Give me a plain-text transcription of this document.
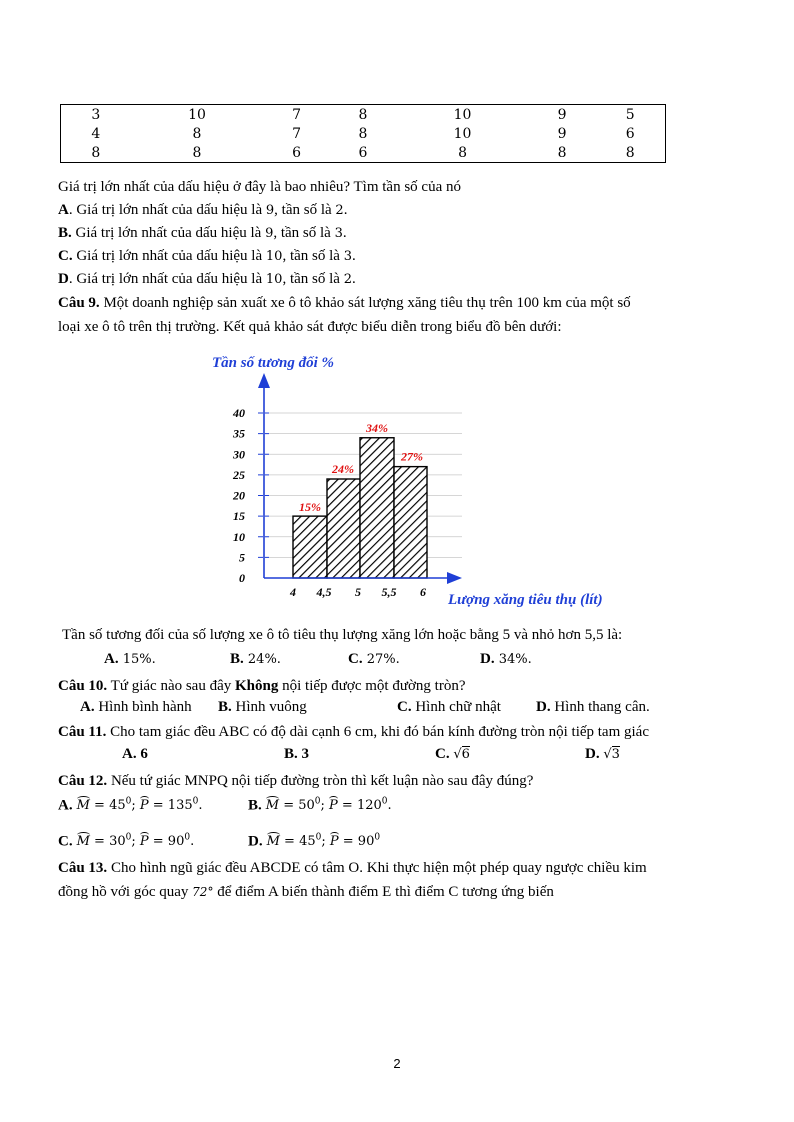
3	10	7	8	10	9	5
4	8	7	8	10	9	6
8	8	6	6	8	8	8
Giá trị lớn nhất của dấu hiệu ở đây là bao nhiêu? Tìm tần số của nó
A. Giá trị lớn nhất của dấu hiệu là 9, tần số là 2.
B. Giá trị lớn nhất của dấu hiệu là 9, tần số là 3.
C. Giá trị lớn nhất của dấu hiệu là 10, tần số là 3.
D. Giá trị lớn nhất của dấu hiệu là 10, tần số là 2.
Câu 9. Một doanh nghiệp sản xuất xe ô tô khảo sát lượng xăng tiêu thụ trên 100 km của một số
loại xe ô tô trên thị trường. Kết quả khảo sát được biểu diễn trong biểu đồ bên dưới:
0
5
10
15
20
25
30
35
40
15%
24%
34%
27%
4 4,5 5 5,5 6
Tần số tương đối %
Lượng xăng tiêu thụ (lít)
Tần số tương đối của số lượng xe ô tô tiêu thụ lượng xăng lớn hoặc bằng 5 và nhỏ hơn 5,5 là:
A. 15%.	B. 24%.	C. 27%.	D. 34%.
Câu 10. Tứ giác nào sau đây Không nội tiếp được một đường tròn?
A. Hình bình hành B. Hình vuông	C. Hình chữ nhật D. Hình thang cân.
Câu 11. Cho tam giác đều ABC có độ dài cạnh 6 cm, khi đó bán kính đường tròn nội tiếp tam giác
A. 6	B. 3	C. √6	D. √3
Câu 12. Nếu tứ giác MNPQ nội tiếp đường tròn thì kết luận nào sau đây đúng?
A. $M = 45^0$; $P = 135^0$.	B. $M = 50^0$; $P = 120^0$.
C. $M = 30^0$; $P = 90^0$.	D. $M = 45^0$; $P = 90^0$
Câu 13. Cho hình ngũ giác đều ABCDE có tâm O. Khi thực hiện một phép quay ngược chiều kim
đồng hồ với góc quay 72° để điểm A biến thành điểm E thì điểm C tương ứng biến
2
